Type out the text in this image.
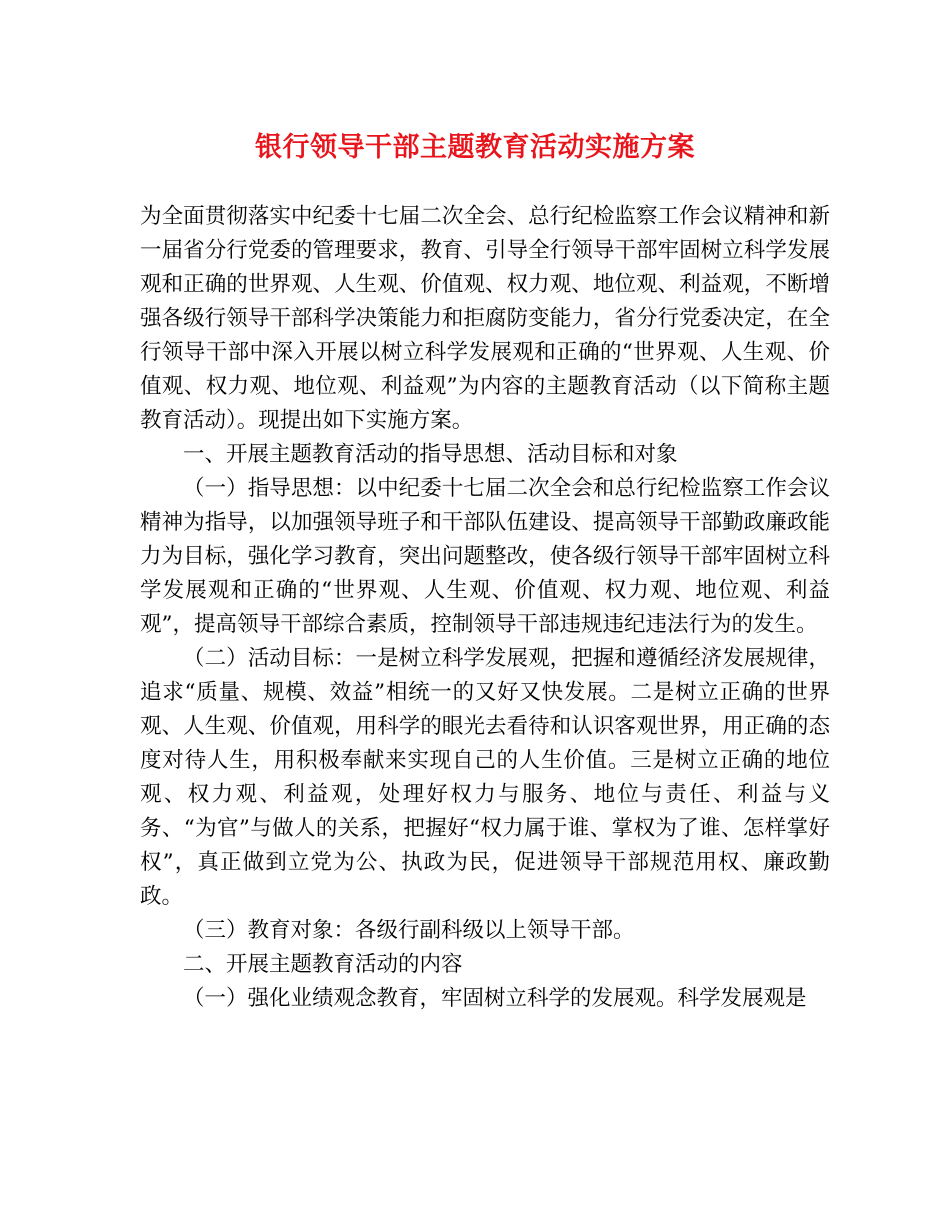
银行领导干部主题教育活动实施方案

为全面贯彻落实中纪委十七届二次全会、总行纪检监察工作会议精神和新一届省分行党委的管理要求，教育、引导全行领导干部牢固树立科学发展观和正确的世界观、人生观、价值观、权力观、地位观、利益观，不断增强各级行领导干部科学决策能力和拒腐防变能力，省分行党委决定，在全行领导干部中深入开展以树立科学发展观和正确的“世界观、人生观、价值观、权力观、地位观、利益观”为内容的主题教育活动（以下简称主题教育活动）。现提出如下实施方案。

一、开展主题教育活动的指导思想、活动目标和对象

（一）指导思想：以中纪委十七届二次全会和总行纪检监察工作会议精神为指导，以加强领导班子和干部队伍建设、提高领导干部勤政廉政能力为目标，强化学习教育，突出问题整改，使各级行领导干部牢固树立科学发展观和正确的“世界观、人生观、价值观、权力观、地位观、利益观”，提高领导干部综合素质，控制领导干部违规违纪违法行为的发生。

（二）活动目标：一是树立科学发展观，把握和遵循经济发展规律，追求“质量、规模、效益”相统一的又好又快发展。二是树立正确的世界观、人生观、价值观，用科学的眼光去看待和认识客观世界，用正确的态度对待人生，用积极奉献来实现自己的人生价值。三是树立正确的地位观、权力观、利益观，处理好权力与服务、地位与责任、利益与义务、“为官”与做人的关系，把握好“权力属于谁、掌权为了谁、怎样掌好权”，真正做到立党为公、执政为民，促进领导干部规范用权、廉政勤政。

（三）教育对象：各级行副科级以上领导干部。

二、开展主题教育活动的内容

（一）强化业绩观念教育，牢固树立科学的发展观。科学发展观是
